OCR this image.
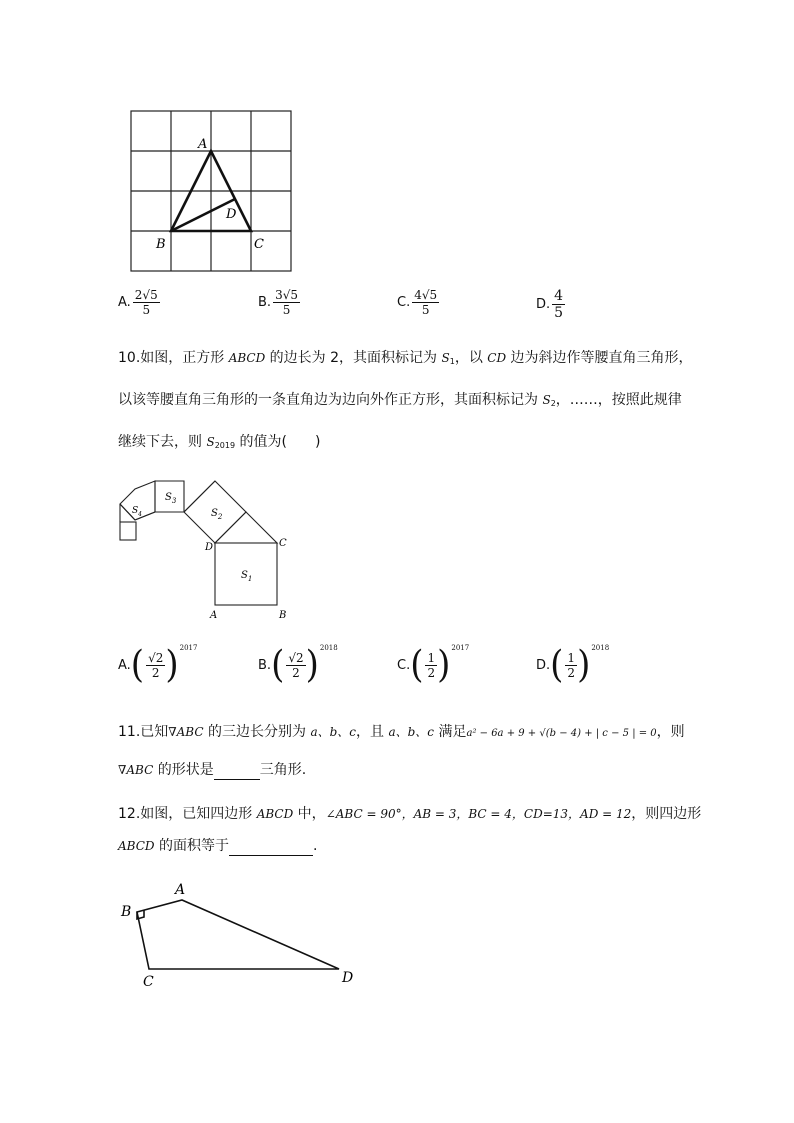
A
B	C
D
A. $\frac{2√5}{5}$	B. $\frac{3√5}{5}$	C. $\frac{4√5}{5}$	D. $\frac{4}{5}$
10.如图，正方形 ABCD 的边长为 2，其面积标记为 $S_1$，以 CD 边为斜边作等腰直角三角形，
以该等腰直角三角形的一条直角边为边向外作正方形，其面积标记为 $S_2$，……，按照此规律
继续下去，则 $S_{2019}$ 的值为(　　)
$S_1$
$S_2$
$S_3$
$S_4$
D	C
A	B
A. ( $\frac{√2}{2}$ ) 2017
B. ( $\frac{√2}{2}$ ) 2018
C. ( $\frac{1}{2}$ ) 2017
D. ( $\frac{1}{2}$ ) 2018
11.已知∇ABC 的三边长分别为 a、b、c，且 a、b、c 满足a² − 6a + 9 + √(b − 4) + | c − 5 | = 0，则
∇ABC 的形状是	三角形.
12.如图，已知四边形 ABCD 中，∠ABC = 90°，AB = 3，BC = 4，CD=13，AD = 12，则四边形
ABCD 的面积等于	.
A
B
C	D
